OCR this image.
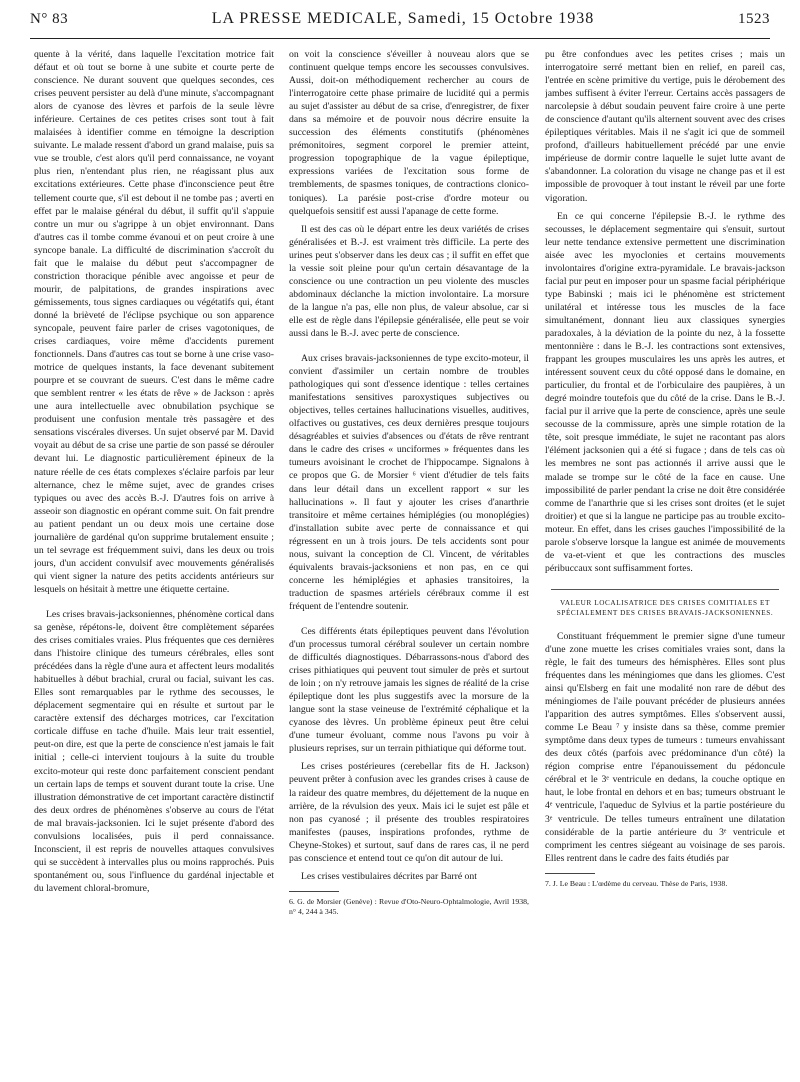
N° 83	LA PRESSE MEDICALE, Samedi, 15 Octobre 1938	1523

quente à la vérité, dans laquelle l'excitation motrice fait défaut et où tout se borne à une subite et courte perte de conscience. Ne durant souvent que quelques secondes, ces crises peuvent persister au delà d'une minute, s'accompagnant alors de cyanose des lèvres et parfois de la seule lèvre inférieure. Certaines de ces petites crises sont tout à fait malaisées à identifier comme en témoigne la description suivante. Le malade ressent d'abord un grand malaise, puis sa vue se trouble, c'est alors qu'il perd connaissance, ne voyant plus rien, n'entendant plus rien, ne réagissant plus aux excitations extérieures. Cette phase d'inconscience peut être tellement courte que, s'il est debout il ne tombe pas ; averti en effet par le malaise général du début, il suffit qu'il s'appuie contre un mur ou s'agrippe à un objet environnant. Dans d'autres cas il tombe comme évanoui et on peut croire à une syncope banale. La difficulté de discrimination s'accroît du fait que le malaise du début peut s'accompagner de constriction thoracique pénible avec angoisse et peur de mourir, de palpitations, de grandes inspirations avec gémissements, tous signes cardiaques ou végétatifs qui, étant donné la brièveté de l'éclipse psychique ou son apparence syncopale, peuvent faire parler de crises vagotoniques, de crises cardiaques, voire même d'accidents purement fonctionnels. Dans d'autres cas tout se borne à une crise vaso-motrice de quelques instants, la face devenant subitement pourpre et se couvrant de sueurs. C'est dans le même cadre que semblent rentrer « les états de rêve » de Jackson : après une aura intellectuelle avec obnubilation psychique se produisent une confusion mentale très passagère et des sensations viscérales diverses. Un sujet observé par M. David voyait au début de sa crise une partie de son passé se dérouler devant lui. Le diagnostic particulièrement épineux de la nature réelle de ces états complexes s'éclaire parfois par leur alternance, chez le même sujet, avec de grandes crises typiques ou avec des accès B.-J. D'autres fois on arrive à asseoir son diagnostic en opérant comme suit. On fait prendre au patient pendant un ou deux mois une certaine dose journalière de gardénal qu'on supprime brutalement ensuite ; un tel sevrage est fréquemment suivi, dans les deux ou trois jours, d'un accident convulsif avec mouvements généralisés qui vient signer la nature des petits accidents antérieurs sur lesquels on hésitait à mettre une étiquette certaine.

Les crises bravais-jacksoniennes, phénomène cortical dans sa genèse, répétons-le, doivent être complètement séparées des crises comitiales vraies. Plus fréquentes que ces dernières dans l'histoire clinique des tumeurs cérébrales, elles sont précédées dans la règle d'une aura et affectent leurs modalités habituelles à début brachial, crural ou facial, suivant les cas. Elles sont remarquables par le rythme des secousses, le déplacement segmentaire qui en résulte et surtout par le caractère extensif des décharges motrices, car l'excitation corticale diffuse en tache d'huile. Mais leur trait essentiel, peut-on dire, est que la perte de conscience n'est jamais le fait initial ; celle-ci intervient toujours à la suite du trouble excito-moteur qui reste donc parfaitement conscient pendant un certain laps de temps et souvent durant toute la crise. Une illustration démonstrative de cet important caractère distinctif des deux ordres de phénomènes s'observe au cours de l'état de mal bravais-jacksonien. Ici le sujet présente d'abord des convulsions localisées, puis il perd connaissance. Inconscient, il est repris de nouvelles attaques convulsives qui se succèdent à intervalles plus ou moins rapprochés. Puis spontanément ou, sous l'influence du gardénal injectable et du lavement chloral-bromure,

on voit la conscience s'éveiller à nouveau alors que se continuent quelque temps encore les secousses convulsives. Aussi, doit-on méthodiquement rechercher au cours de l'interrogatoire cette phase primaire de lucidité qui a permis au sujet d'assister au début de sa crise, d'enregistrer, de fixer dans sa mémoire et de pouvoir nous décrire ensuite la succession des éléments constitutifs (phénomènes prémonitoires, segment corporel le premier atteint, progression topographique de la vague épileptique, expressions variées de l'excitation sous forme de tremblements, de spasmes toniques, de contractions clonico-toniques). La parésie post-crise d'ordre moteur ou quelquefois sensitif est aussi l'apanage de cette forme.

Il est des cas où le départ entre les deux variétés de crises généralisées et B.-J. est vraiment très difficile. La perte des urines peut s'observer dans les deux cas ; il suffit en effet que la vessie soit pleine pour qu'un certain désavantage de la conscience ou une contraction un peu violente des muscles abdominaux déclanche la miction involontaire. La morsure de la langue n'a pas, elle non plus, de valeur absolue, car si elle est de règle dans l'épilepsie généralisée, elle peut se voir aussi dans le B.-J. avec perte de conscience.

Aux crises bravais-jacksoniennes de type excito-moteur, il convient d'assimiler un certain nombre de troubles pathologiques qui sont d'essence identique : telles certaines manifestations sensitives paroxystiques subjectives ou objectives, telles certaines hallucinations visuelles, auditives, olfactives ou gustatives, ces deux dernières presque toujours désagréables et suivies d'absences ou d'états de rêve rentrant dans le cadre des crises « unciformes » fréquentes dans les tumeurs avoisinant le crochet de l'hippocampe. Signalons à ce propos que G. de Morsier ⁶ vient d'étudier de tels faits dans leur détail dans un excellent rapport « sur les hallucinations ». Il faut y ajouter les crises d'anarthrie transitoire et même certaines hémiplégies (ou monoplégies) d'installation subite avec perte de connaissance et qui régressent en un à trois jours. De tels accidents sont pour nous, suivant la conception de Cl. Vincent, de véritables équivalents bravais-jacksoniens et non pas, en ce qui concerne les hémiplégies et aphasies transitoires, la traduction de spasmes artériels cérébraux comme il est fréquent de l'entendre soutenir.

Ces différents états épileptiques peuvent dans l'évolution d'un processus tumoral cérébral soulever un certain nombre de difficultés diagnostiques. Débarrassons-nous d'abord des crises pithiatiques qui peuvent tout simuler de près et surtout de loin ; on n'y retrouve jamais les signes de réalité de la crise épileptique dont les plus suggestifs avec la morsure de la langue sont la stase veineuse de l'extrémité céphalique et la cyanose des lèvres. Un problème épineux peut être celui d'une tumeur évoluant, comme nous l'avons pu voir à plusieurs reprises, sur un terrain pithiatique qui déforme tout.

Les crises postérieures (cerebellar fits de H. Jackson) peuvent prêter à confusion avec les grandes crises à cause de la raideur des quatre membres, du déjettement de la nuque en arrière, de la révulsion des yeux. Mais ici le sujet est pâle et non pas cyanosé ; il présente des troubles respiratoires manifestes (pauses, inspirations profondes, rythme de Cheyne-Stokes) et surtout, sauf dans de rares cas, il ne perd pas conscience et entend tout ce qu'on dit autour de lui.

Les crises vestibulaires décrites par Barré ont

6. G. de Morsier (Genève) : Revue d'Oto-Neuro-Ophtalmologie, Avril 1938, n° 4, 244 à 345.

pu être confondues avec les petites crises ; mais un interrogatoire serré mettant bien en relief, en pareil cas, l'entrée en scène primitive du vertige, puis le dérobement des jambes suffisent à éviter l'erreur. Certains accès passagers de narcolepsie à début soudain peuvent faire croire à une perte de conscience d'autant qu'ils alternent souvent avec des crises épileptiques véritables. Mais il ne s'agit ici que de sommeil profond, d'ailleurs habituellement précédé par une envie impérieuse de dormir contre laquelle le sujet lutte avant de s'abandonner. La coloration du visage ne change pas et il est impossible de provoquer à tout instant le réveil par une forte vigoration.

En ce qui concerne l'épilepsie B.-J. le rythme des secousses, le déplacement segmentaire qui s'ensuit, surtout leur nette tendance extensive permettent une discrimination aisée avec les myoclonies et certains mouvements involontaires d'origine extra-pyramidale. Le bravais-jackson facial pur peut en imposer pour un spasme facial périphérique type Babinski ; mais ici le phénomène est strictement unilatéral et intéresse tous les muscles de la face simultanément, donnant lieu aux classiques synergies paradoxales, à la déviation de la pointe du nez, à la fossette mentonnière : dans le B.-J. les contractions sont extensives, frappant les groupes musculaires les uns après les autres, et intéressent souvent ceux du côté opposé dans le domaine, en particulier, du frontal et de l'orbiculaire des paupières, à un degré moindre toutefois que du côté de la crise. Dans le B.-J. facial pur il arrive que la perte de conscience, après une seule secousse de la commissure, après une simple rotation de la tête, soit presque immédiate, le sujet ne racontant pas alors l'élément jacksonien qui a été si fugace ; dans de tels cas où les membres ne sont pas actionnés il arrive aussi que le malade se trompe sur le côté de la face en cause. Une impossibilité de parler pendant la crise ne doit être considérée comme de l'anarthrie que si les crises sont droites (et le sujet droitier) et que si la langue ne participe pas au trouble excito-moteur. En effet, dans les crises gauches l'impossibilité de la parole s'observe lorsque la langue est animée de mouvements de va-et-vient et que les contractions des muscles péribuccaux sont suffisamment fortes.

VALEUR LOCALISATRICE DES CRISES COMITIALES ET SPÉCIALEMENT DES CRISES BRAVAIS-JACKSONIENNES.

Constituant fréquemment le premier signe d'une tumeur d'une zone muette les crises comitiales vraies sont, dans la règle, le fait des tumeurs des hémisphères. Elles sont plus fréquentes dans les méningiomes que dans les gliomes. C'est ainsi qu'Elsberg en fait une modalité non rare de début des méningiomes de l'aile pouvant précéder de plusieurs années l'apparition des autres symptômes. Elles s'observent aussi, comme Le Beau ⁷ y insiste dans sa thèse, comme premier symptôme dans deux types de tumeurs : tumeurs envahissant des deux côtés (parfois avec prédominance d'un côté) la région comprise entre l'épanouissement du pédoncule cérébral et le 3ᵉ ventricule en dedans, la couche optique en haut, le lobe frontal en dehors et en bas; tumeurs obstruant le 4ᵉ ventricule, l'aqueduc de Sylvius et la partie postérieure du 3ᵉ ventricule. De telles tumeurs entraînent une dilatation considérable de la partie antérieure du 3ᵉ ventricule et compriment les centres siégeant au voisinage de ses parois. Elles rentrent dans le cadre des faits étudiés par

7. J. Le Beau : L'œdème du cerveau. Thèse de Paris, 1938.
